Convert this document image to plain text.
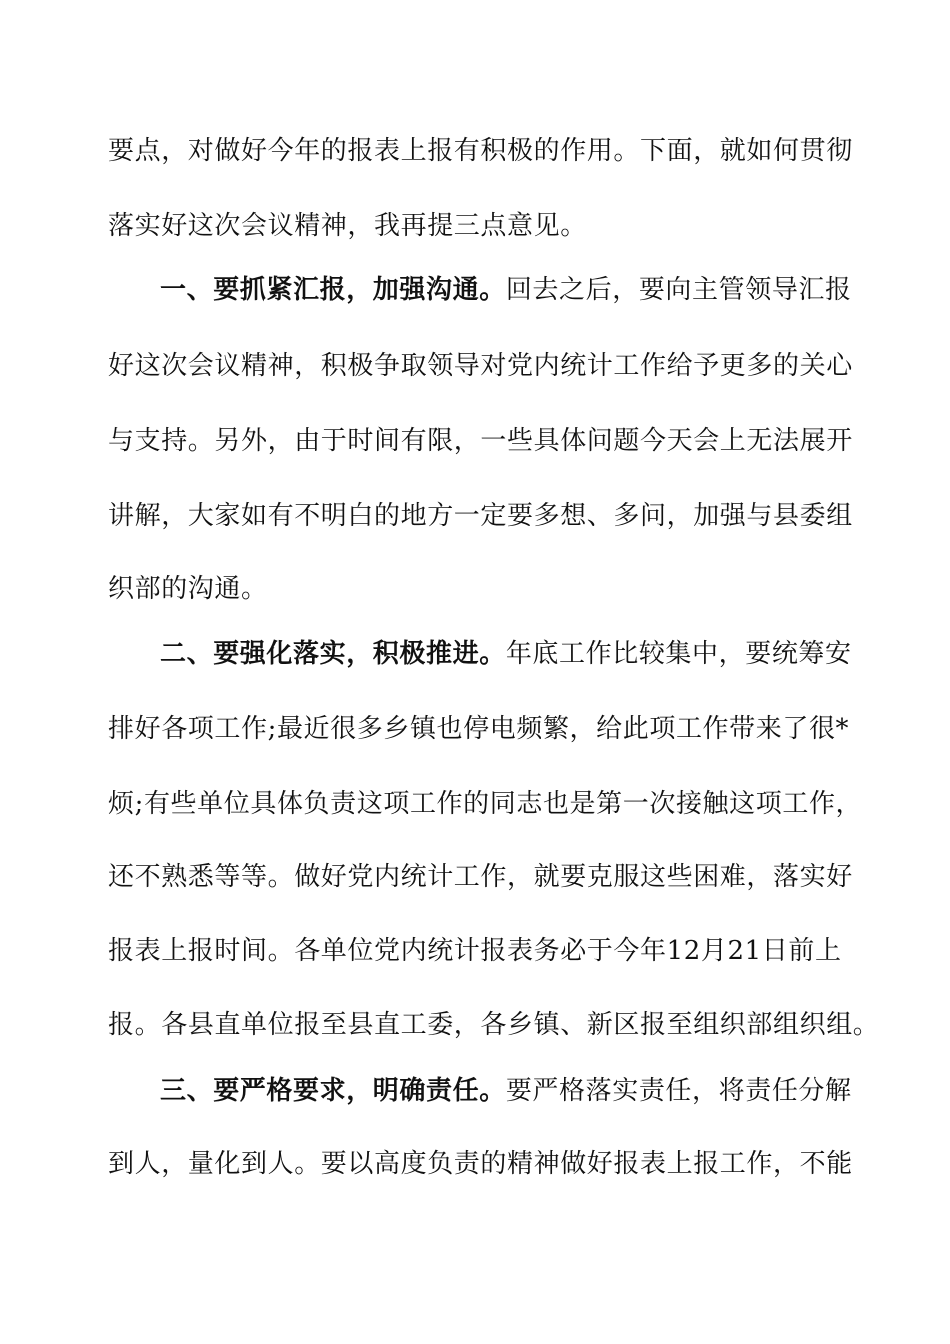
要点，对做好今年的报表上报有积极的作用。下面，就如何贯彻
落实好这次会议精神，我再提三点意见。
一、要抓紧汇报，加强沟通。回去之后，要向主管领导汇报
好这次会议精神，积极争取领导对党内统计工作给予更多的关心
与支持。另外，由于时间有限，一些具体问题今天会上无法展开
讲解，大家如有不明白的地方一定要多想、多问，加强与县委组
织部的沟通。
二、要强化落实，积极推进。年底工作比较集中，要统筹安
排好各项工作;最近很多乡镇也停电频繁，给此项工作带来了很*
烦;有些单位具体负责这项工作的同志也是第一次接触这项工作，
还不熟悉等等。做好党内统计工作，就要克服这些困难，落实好
报表上报时间。各单位党内统计报表务必于今年12月21日前上
报。各县直单位报至县直工委，各乡镇、新区报至组织部组织组。
三、要严格要求，明确责任。要严格落实责任，将责任分解
到人，量化到人。要以高度负责的精神做好报表上报工作，不能
